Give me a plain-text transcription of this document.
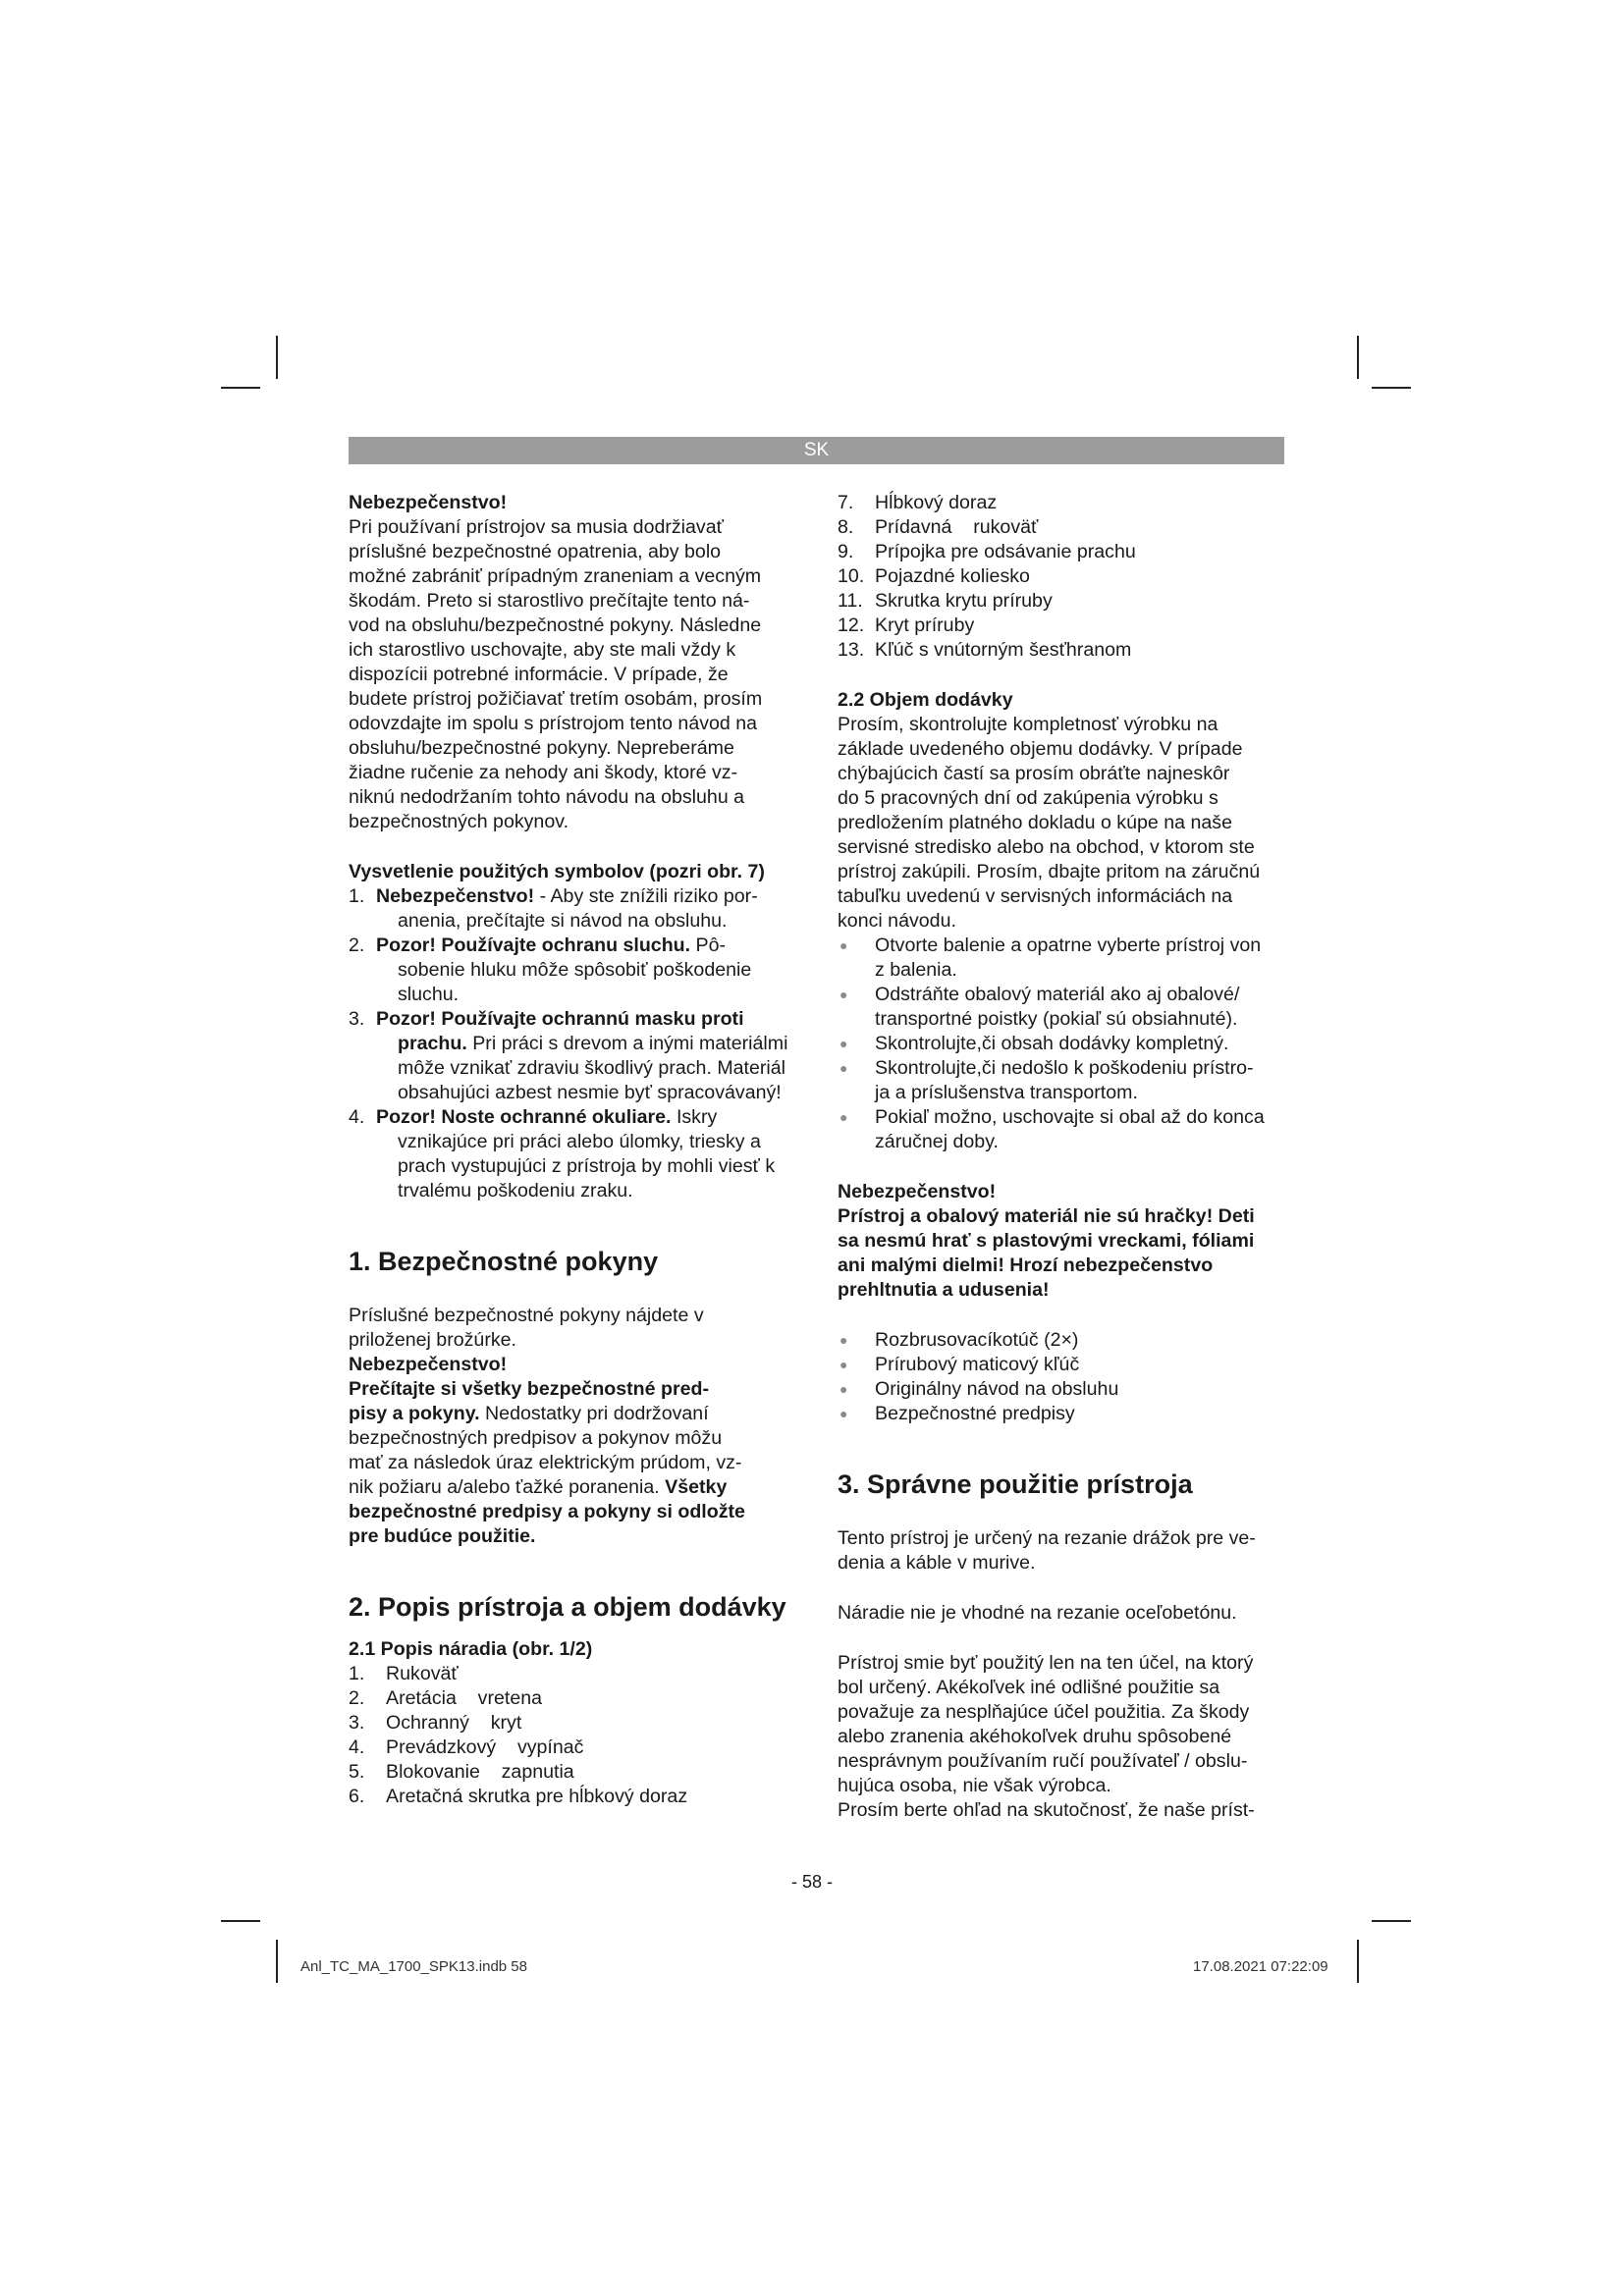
SK

Nebezpečenstvo!

Pri používaní prístrojov sa musia dodržiavať
príslušné bezpečnostné opatrenia, aby bolo
možné zabrániť prípadným zraneniam a vecným
škodám. Preto si starostlivo prečítajte tento ná-
vod na obsluhu/bezpečnostné pokyny. Následne
ich starostlivo uschovajte, aby ste mali vždy k
dispozícii potrebné informácie. V prípade, že
budete prístroj požičiavať tretím osobám, prosím
odovzdajte im spolu s prístrojom tento návod na
obsluhu/bezpečnostné pokyny. Nepreberáme
žiadne ručenie za nehody ani škody, ktoré vz-
niknú nedodržaním tohto návodu na obsluhu a
bezpečnostných pokynov.

Vysvetlenie použitých symbolov (pozri obr. 7)

1. Nebezpečenstvo! - Aby ste znížili riziko por-
anenia, prečítajte si návod na obsluhu.
2. Pozor! Používajte ochranu sluchu. Pô-
sobenie hluku môže spôsobiť poškodenie
sluchu.
3. Pozor! Používajte ochrannú masku proti
prachu. Pri práci s drevom a inými materiálmi
môže vznikať zdraviu škodlivý prach. Materiál
obsahujúci azbest nesmie byť spracovávaný!
4. Pozor! Noste ochranné okuliare. Iskry
vznikajúce pri práci alebo úlomky, triesky a
prach vystupujúci z prístroja by mohli viesť k
trvalému poškodeniu zraku.

1. Bezpečnostné pokyny

Príslušné bezpečnostné pokyny nájdete v
priloženej brožúrke.

Nebezpečenstvo!

Prečítajte si všetky bezpečnostné pred-
pisy a pokyny. Nedostatky pri dodržovaní
bezpečnostných predpisov a pokynov môžu
mať za následok úraz elektrickým prúdom, vz-
nik požiaru a/alebo ťažké poranenia. Všetky
bezpečnostné predpisy a pokyny si odložte
pre budúce použitie.

2. Popis prístroja a objem dodávky

2.1 Popis náradia (obr. 1/2)

1.	Rukoväť
2.	Aretácia    vretena
3.	Ochranný    kryt
4.	Prevádzkový    vypínač
5.	Blokovanie    zapnutia
6.	Aretačná skrutka pre hĺbkový doraz
7.	Hĺbkový doraz
8.	Prídavná    rukoväť
9.	Prípojka pre odsávanie prachu
10. Pojazdné koliesko
11. Skrutka krytu príruby
12. Kryt príruby
13. Kľúč s vnútorným šesťhranom

2.2 Objem dodávky

Prosím, skontrolujte kompletnosť výrobku na
základe uvedeného objemu dodávky. V prípade
chýbajúcich častí sa prosím obráťte najneskôr
do 5 pracovných dní od zakúpenia výrobku s
predložením platného dokladu o kúpe na naše
servisné stredisko alebo na obchod, v ktorom ste
prístroj zakúpili. Prosím, dbajte pritom na záručnú
tabuľku uvedenú v servisných informáciách na
konci návodu.
●	Otvorte balenie a opatrne vyberte prístroj von
z balenia.
●	Odstráňte obalový materiál ako aj obalové/
transportné poistky (pokiaľ sú obsiahnuté).
●	Skontrolujte,či obsah dodávky kompletný.
●	Skontrolujte,či nedošlo k poškodeniu prístro-
ja a príslušenstva transportom.
●	Pokiaľ možno, uschovajte si obal až do konca
záručnej doby.

Nebezpečenstvo!

Prístroj a obalový materiál nie sú hračky! Deti
sa nesmú hrať s plastovými vreckami, fóliami
ani malými dielmi! Hrozí nebezpečenstvo
prehltnutia a udusenia!
●	Rozbrusovacíkotúč (2×)
●	Prírubový maticový kľúč
●	Originálny návod na obsluhu
●	Bezpečnostné predpisy

3. Správne použitie prístroja

Tento prístroj je určený na rezanie drážok pre ve-
denia a káble v murive.

Náradie nie je vhodné na rezanie oceľobetónu.

Prístroj smie byť použitý len na ten účel, na ktorý
bol určený. Akékoľvek iné odlišné použitie sa
považuje za nesplňajúce účel použitia. Za škody
alebo zranenia akéhokoľvek druhu spôsobené
nesprávnym používaním ručí používateľ / obslu-
hujúca osoba, nie však výrobca.
Prosím berte ohľad na skutočnosť, že naše príst-
- 58 -
Anl_TC_MA_1700_SPK13.indb 58	17.08.2021 07:22:09
